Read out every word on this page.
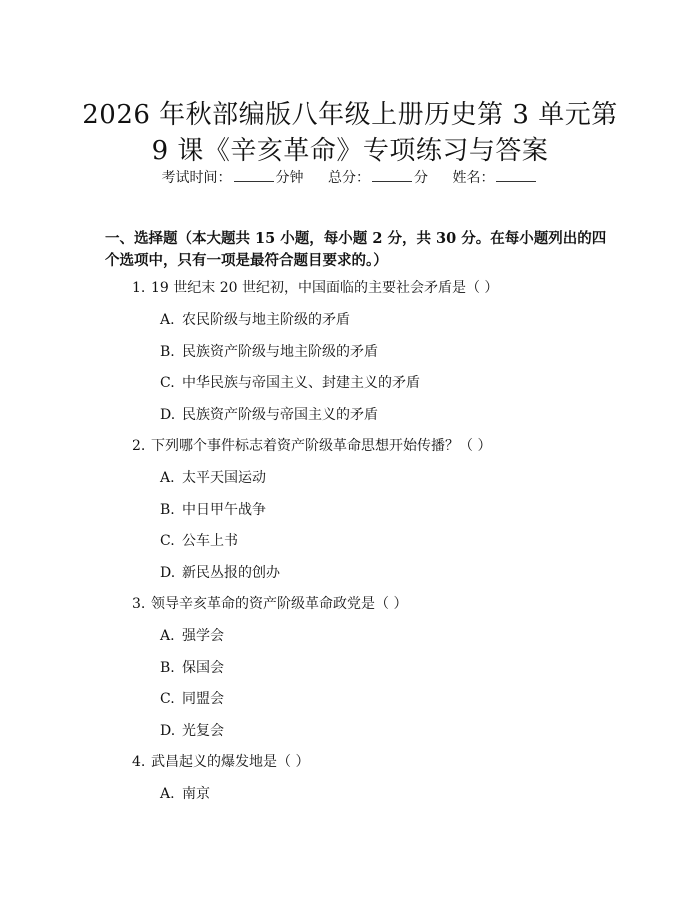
2026 年秋部编版八年级上册历史第 3 单元第
9 课《辛亥革命》专项练习与答案
考试时间：	分钟 总分：	分 姓名：
一、选择题（本大题共 15 小题，每小题 2 分，共 30 分。在每小题列出的四个选项中，只有一项是最符合题目要求的。）
1. 19 世纪末 20 世纪初，中国面临的主要社会矛盾是（ ）
A. 农民阶级与地主阶级的矛盾
B. 民族资产阶级与地主阶级的矛盾
C. 中华民族与帝国主义、封建主义的矛盾
D. 民族资产阶级与帝国主义的矛盾
2. 下列哪个事件标志着资产阶级革命思想开始传播？（ ）
A. 太平天国运动
B. 中日甲午战争
C. 公车上书
D. 新民丛报的创办
3. 领导辛亥革命的资产阶级革命政党是（ ）
A. 强学会
B. 保国会
C. 同盟会
D. 光复会
4. 武昌起义的爆发地是（ ）
A. 南京
